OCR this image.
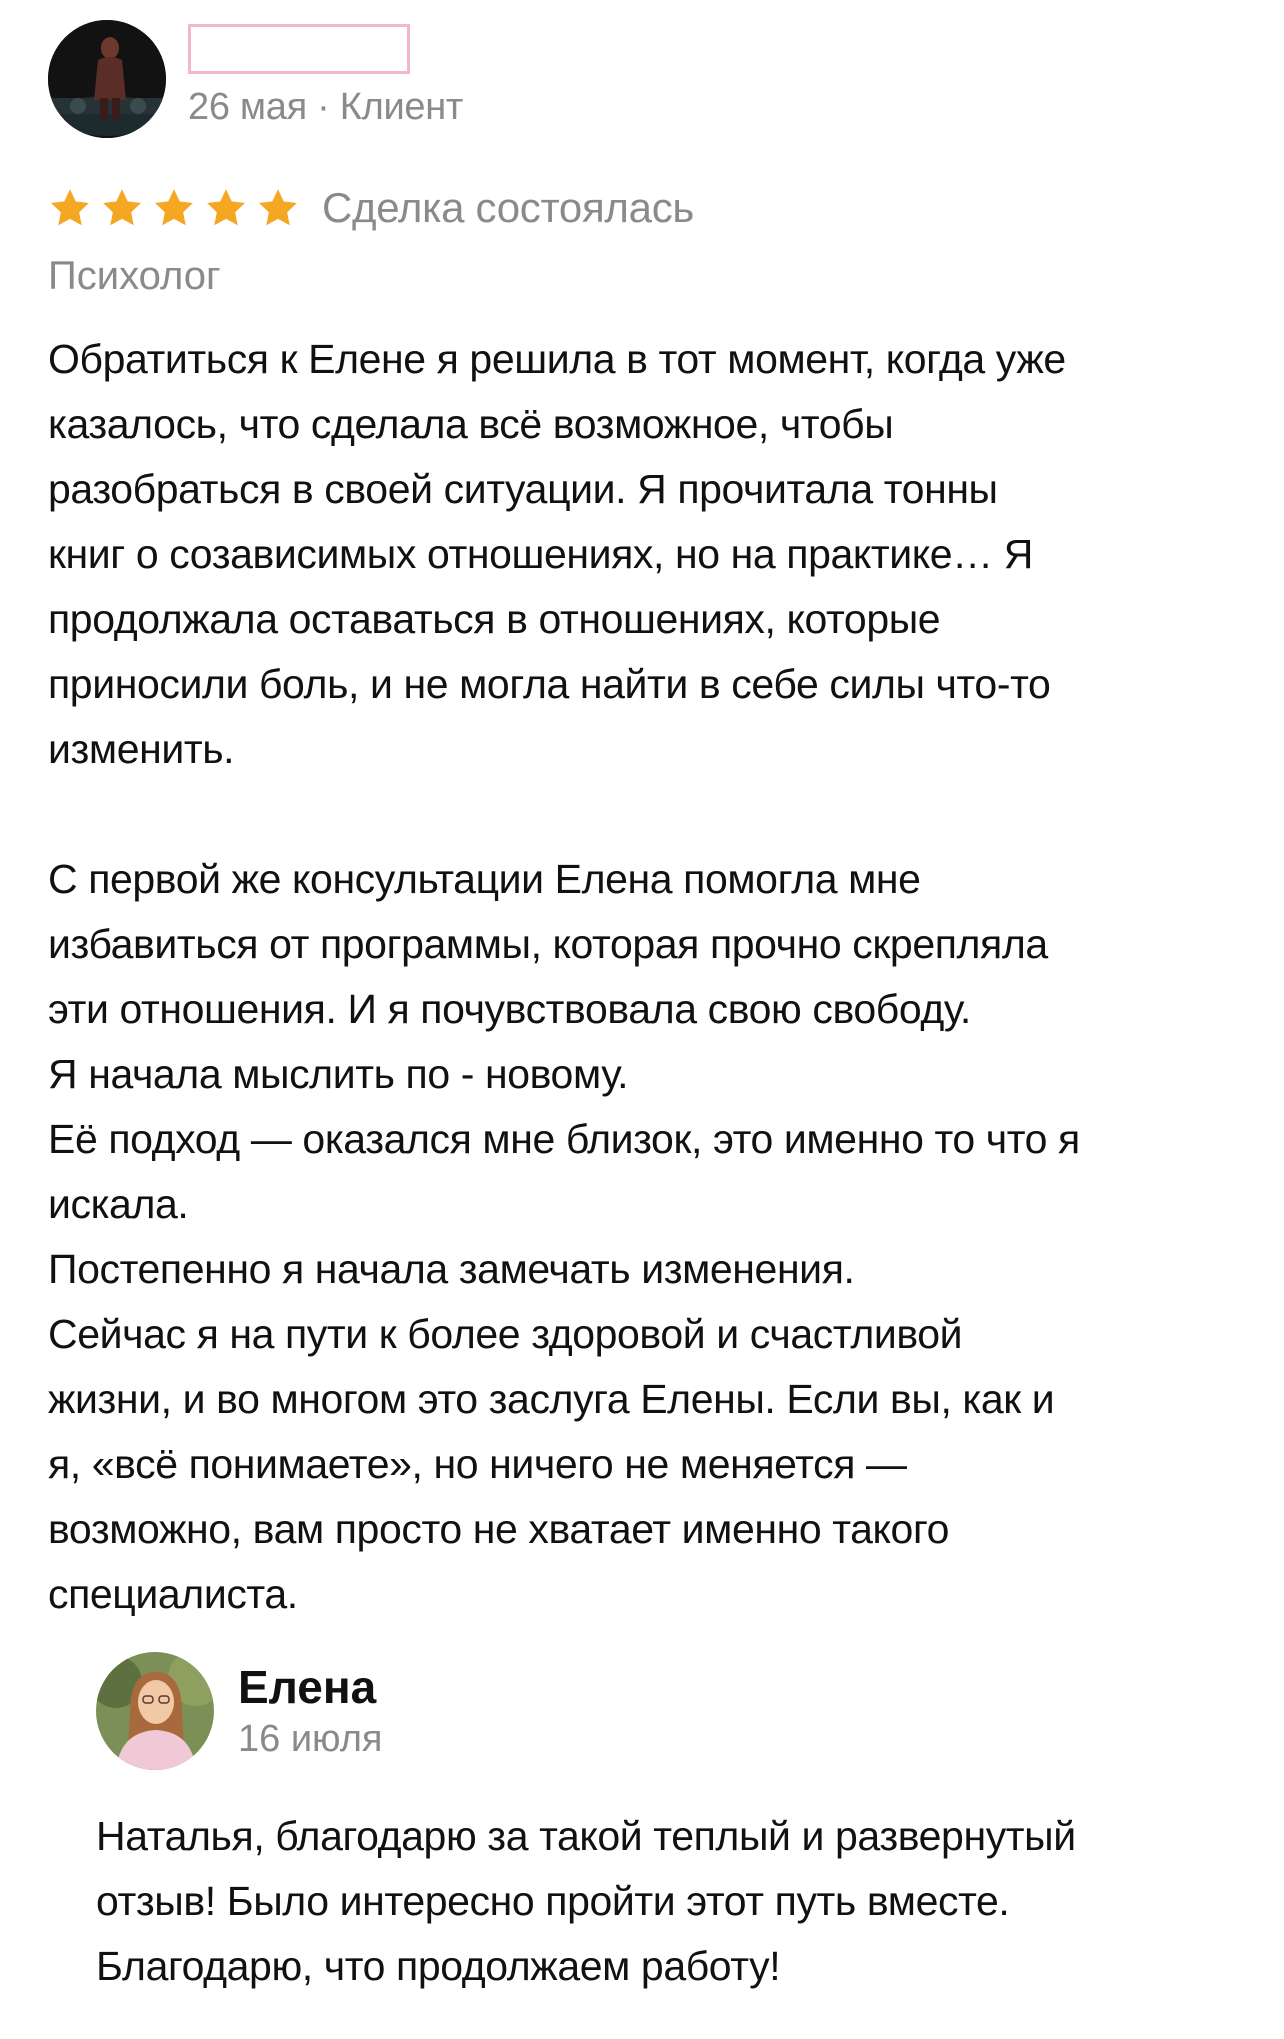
26 мая · Клиент
Сделка состоялась
Психолог
Обратиться к Елене я решила в тот момент, когда уже
казалось, что сделала всё возможное, чтобы
разобраться в своей ситуации. Я прочитала тонны
книг о созависимых отношениях, но на практике… Я
продолжала оставаться в отношениях, которые
приносили боль, и не могла найти в себе силы что-то
изменить.
С первой же консультации Елена помогла мне
избавиться от программы, которая прочно скрепляла
эти отношения. И я почувствовала свою свободу.
Я начала мыслить по - новому.
Её подход — оказался мне близок, это именно то что я
искала.
Постепенно я начала замечать изменения.
Сейчас я на пути к более здоровой и счастливой
жизни, и во многом это заслуга Елены. Если вы, как и
я, «всё понимаете», но ничего не меняется —
возможно, вам просто не хватает именно такого
специалиста.
Елена
16 июля
Наталья, благодарю за такой теплый и развернутый
отзыв! Было интересно пройти этот путь вместе.
Благодарю, что продолжаем работу!
